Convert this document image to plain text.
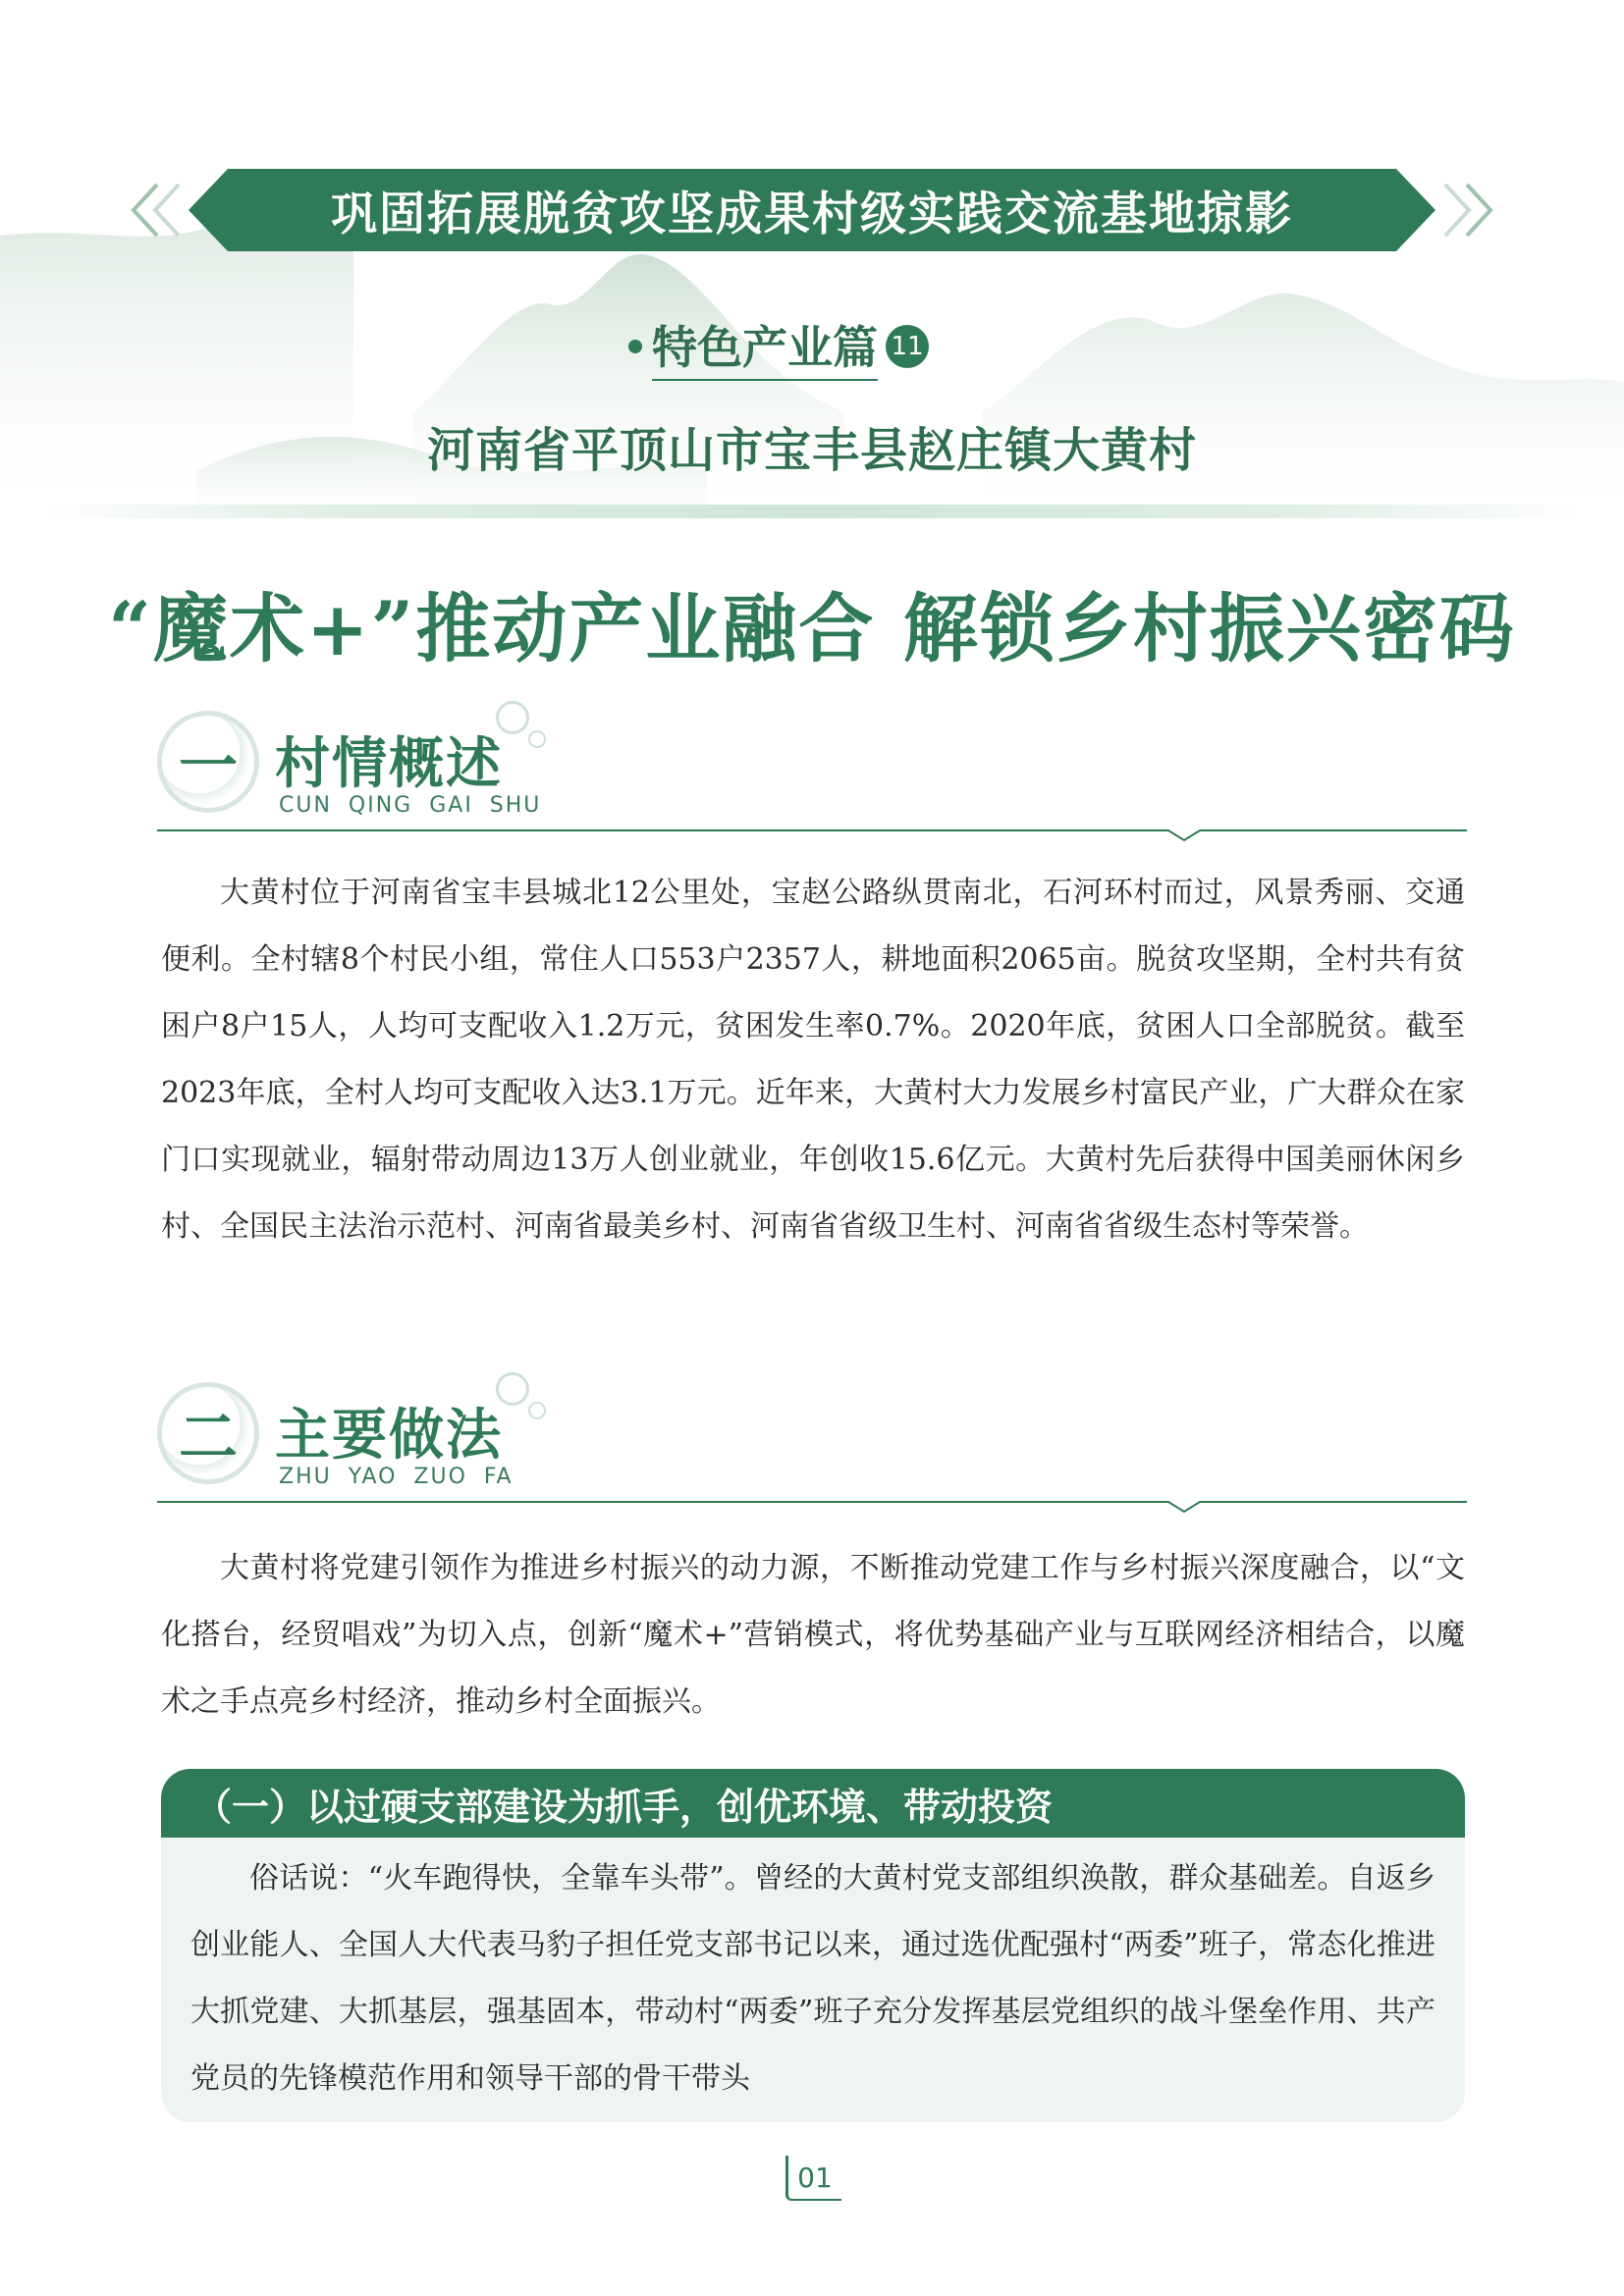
巩固拓展脱贫攻坚成果村级实践交流基地掠影
特色产业篇 11
河南省平顶山市宝丰县赵庄镇大黄村
“魔术+”推动产业融合 解锁乡村振兴密码
一 村情概述
CUN QING GAI SHU

大黄村位于河南省宝丰县城北12公里处，宝赵公路纵贯南北，石河环村而过，风景秀丽、交通便利。全村辖8个村民小组，常住人口553户2357人，耕地面积2065亩。脱贫攻坚期，全村共有贫困户8户15人，人均可支配收入1.2万元，贫困发生率0.7%。2020年底，贫困人口全部脱贫。截至2023年底，全村人均可支配收入达3.1万元。近年来，大黄村大力发展乡村富民产业，广大群众在家门口实现就业，辐射带动周边13万人创业就业，年创收15.6亿元。大黄村先后获得中国美丽休闲乡村、全国民主法治示范村、河南省最美乡村、河南省省级卫生村、河南省省级生态村等荣誉。

二 主要做法
ZHU YAO ZUO FA

大黄村将党建引领作为推进乡村振兴的动力源，不断推动党建工作与乡村振兴深度融合，以“文化搭台，经贸唱戏”为切入点，创新“魔术+”营销模式，将优势基础产业与互联网经济相结合，以魔术之手点亮乡村经济，推动乡村全面振兴。

（一）以过硬支部建设为抓手，创优环境、带动投资

俗话说：“火车跑得快，全靠车头带”。曾经的大黄村党支部组织涣散，群众基础差。自返乡创业能人、全国人大代表马豹子担任党支部书记以来，通过选优配强村“两委”班子，常态化推进大抓党建、大抓基层，强基固本，带动村“两委”班子充分发挥基层党组织的战斗堡垒作用、共产党员的先锋模范作用和领导干部的骨干带头

01
